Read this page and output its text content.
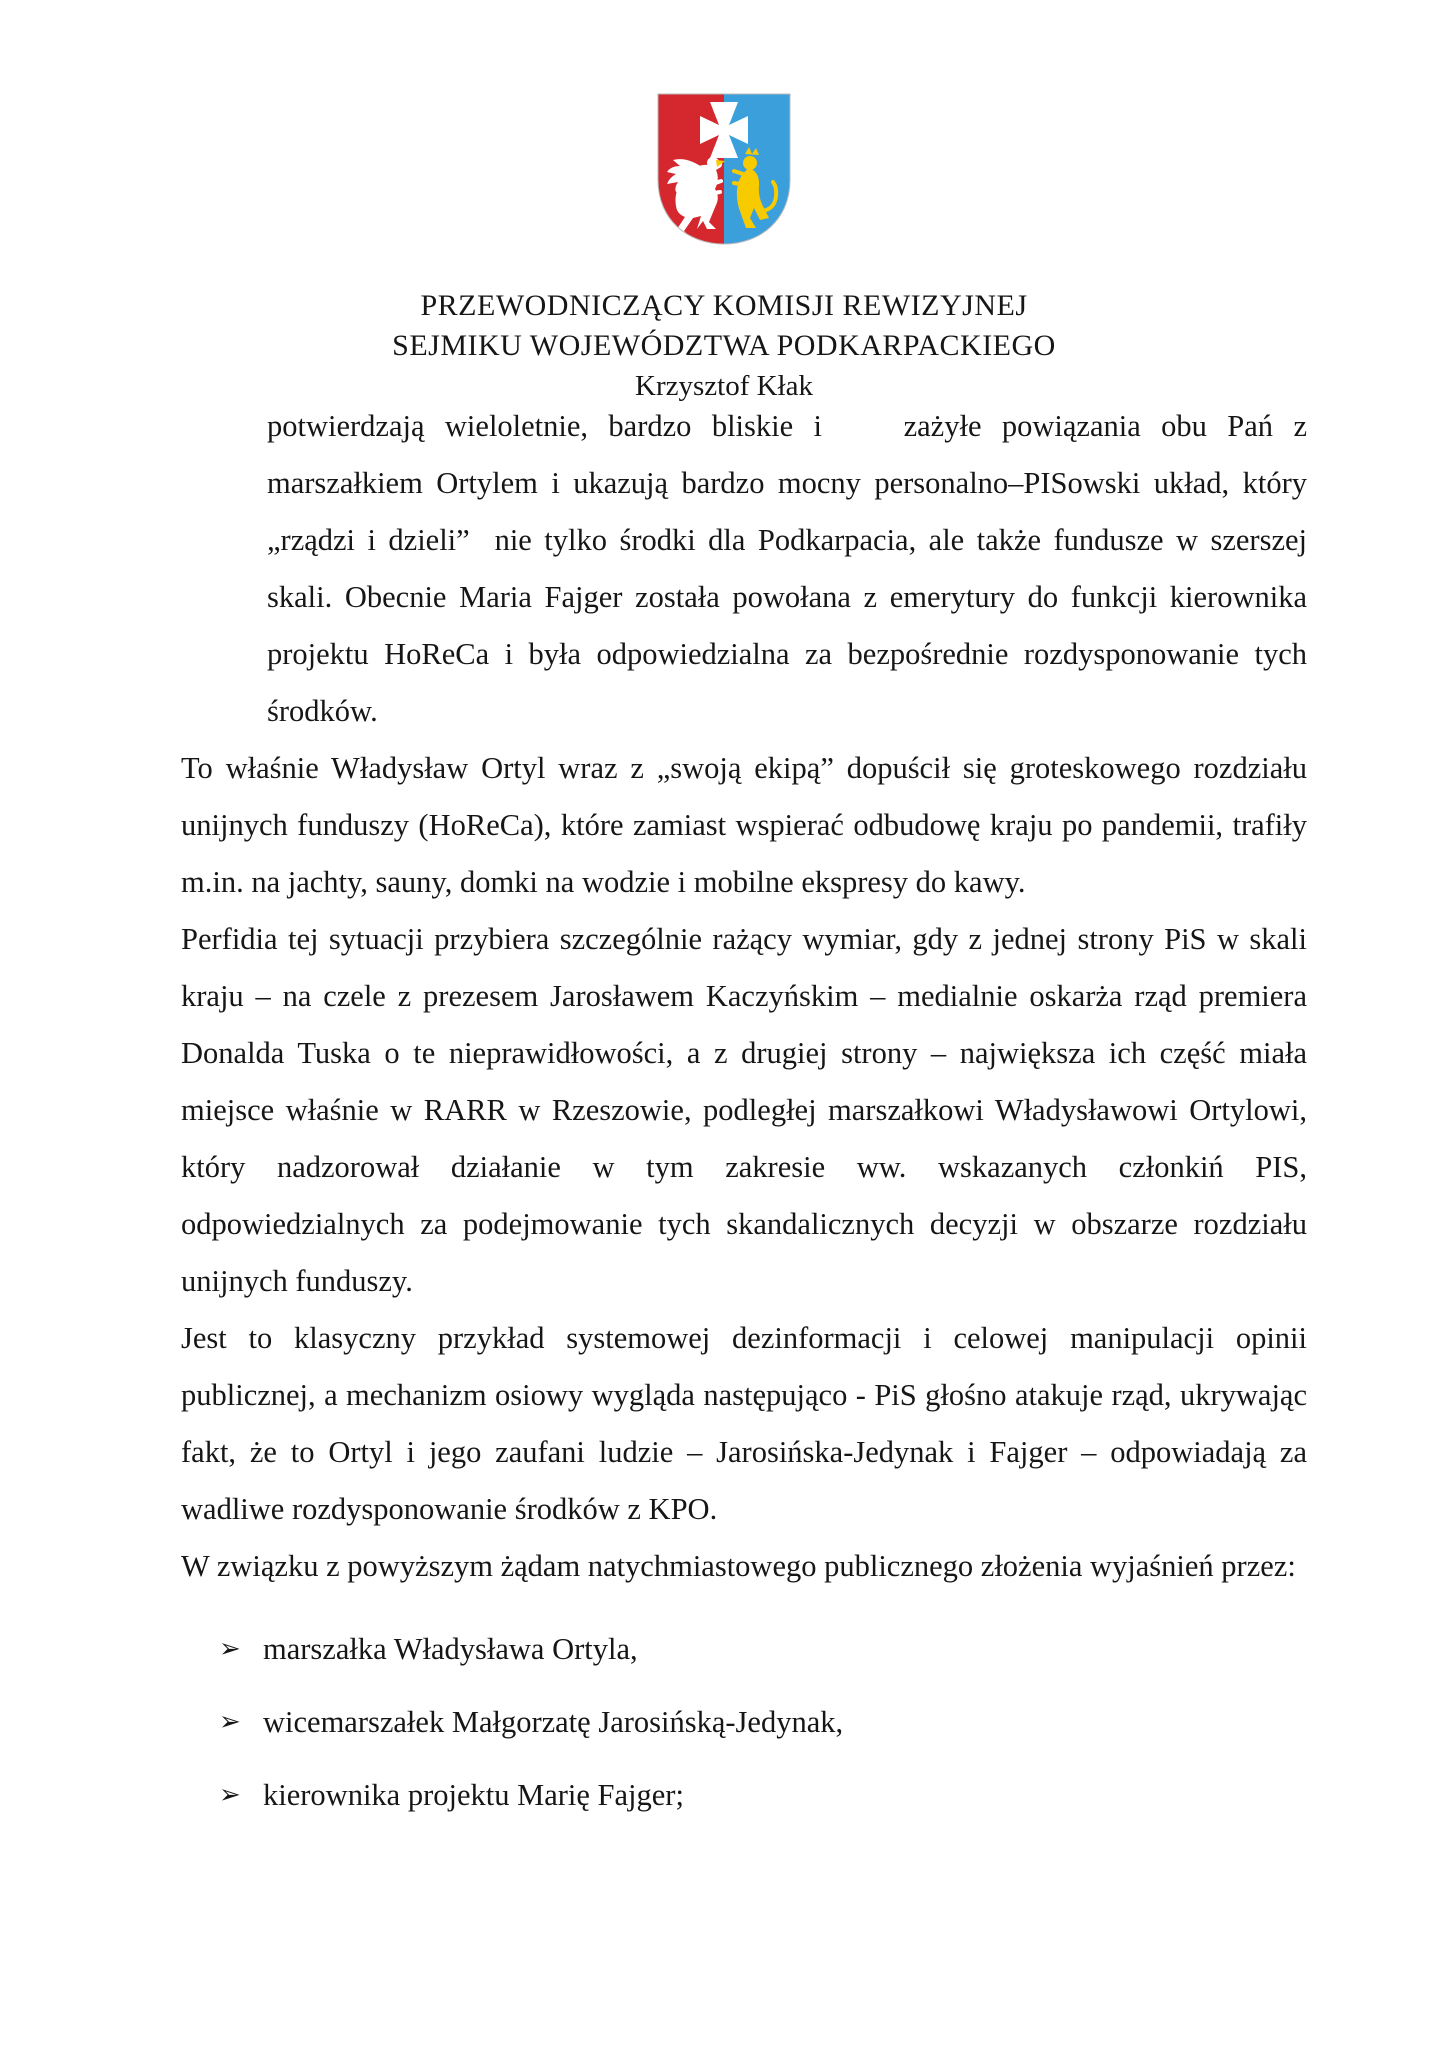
PRZEWODNICZĄCY KOMISJI REWIZYJNEJ
SEJMIKU WOJEWÓDZTWA PODKARPACKIEGO
Krzysztof Kłak

potwierdzają wieloletnie, bardzo bliskie i    zażyłe powiązania obu Pań z marszałkiem Ortylem i ukazują bardzo mocny personalno–PISowski układ, który „rządzi i dzieli”  nie tylko środki dla Podkarpacia, ale także fundusze w szerszej skali. Obecnie Maria Fajger została powołana z emerytury do funkcji kierownika projektu HoReCa i była odpowiedzialna za bezpośrednie rozdysponowanie tych środków.

To właśnie Władysław Ortyl wraz z „swoją ekipą” dopuścił się groteskowego rozdziału unijnych funduszy (HoReCa), które zamiast wspierać odbudowę kraju po pandemii, trafiły m.in. na jachty, sauny, domki na wodzie i mobilne ekspresy do kawy.

Perfidia tej sytuacji przybiera szczególnie rażący wymiar, gdy z jednej strony PiS w skali kraju – na czele z prezesem Jarosławem Kaczyńskim – medialnie oskarża rząd premiera Donalda Tuska o te nieprawidłowości, a z drugiej strony – największa ich część miała miejsce właśnie w RARR w Rzeszowie, podległej marszałkowi Władysławowi Ortylowi, który nadzorował działanie w tym zakresie ww. wskazanych członkiń PIS, odpowiedzialnych za podejmowanie tych skandalicznych decyzji w obszarze rozdziału unijnych funduszy.

Jest to klasyczny przykład systemowej dezinformacji i celowej manipulacji opinii publicznej, a mechanizm osiowy wygląda następująco - PiS głośno atakuje rząd, ukrywając fakt, że to Ortyl i jego zaufani ludzie – Jarosińska-Jedynak i Fajger – odpowiadają za wadliwe rozdysponowanie środków z KPO.

W związku z powyższym żądam natychmiastowego publicznego złożenia wyjaśnień przez:

➢ marszałka Władysława Ortyla,
➢ wicemarszałek Małgorzatę Jarosińską-Jedynak,
➢ kierownika projektu Marię Fajger;
